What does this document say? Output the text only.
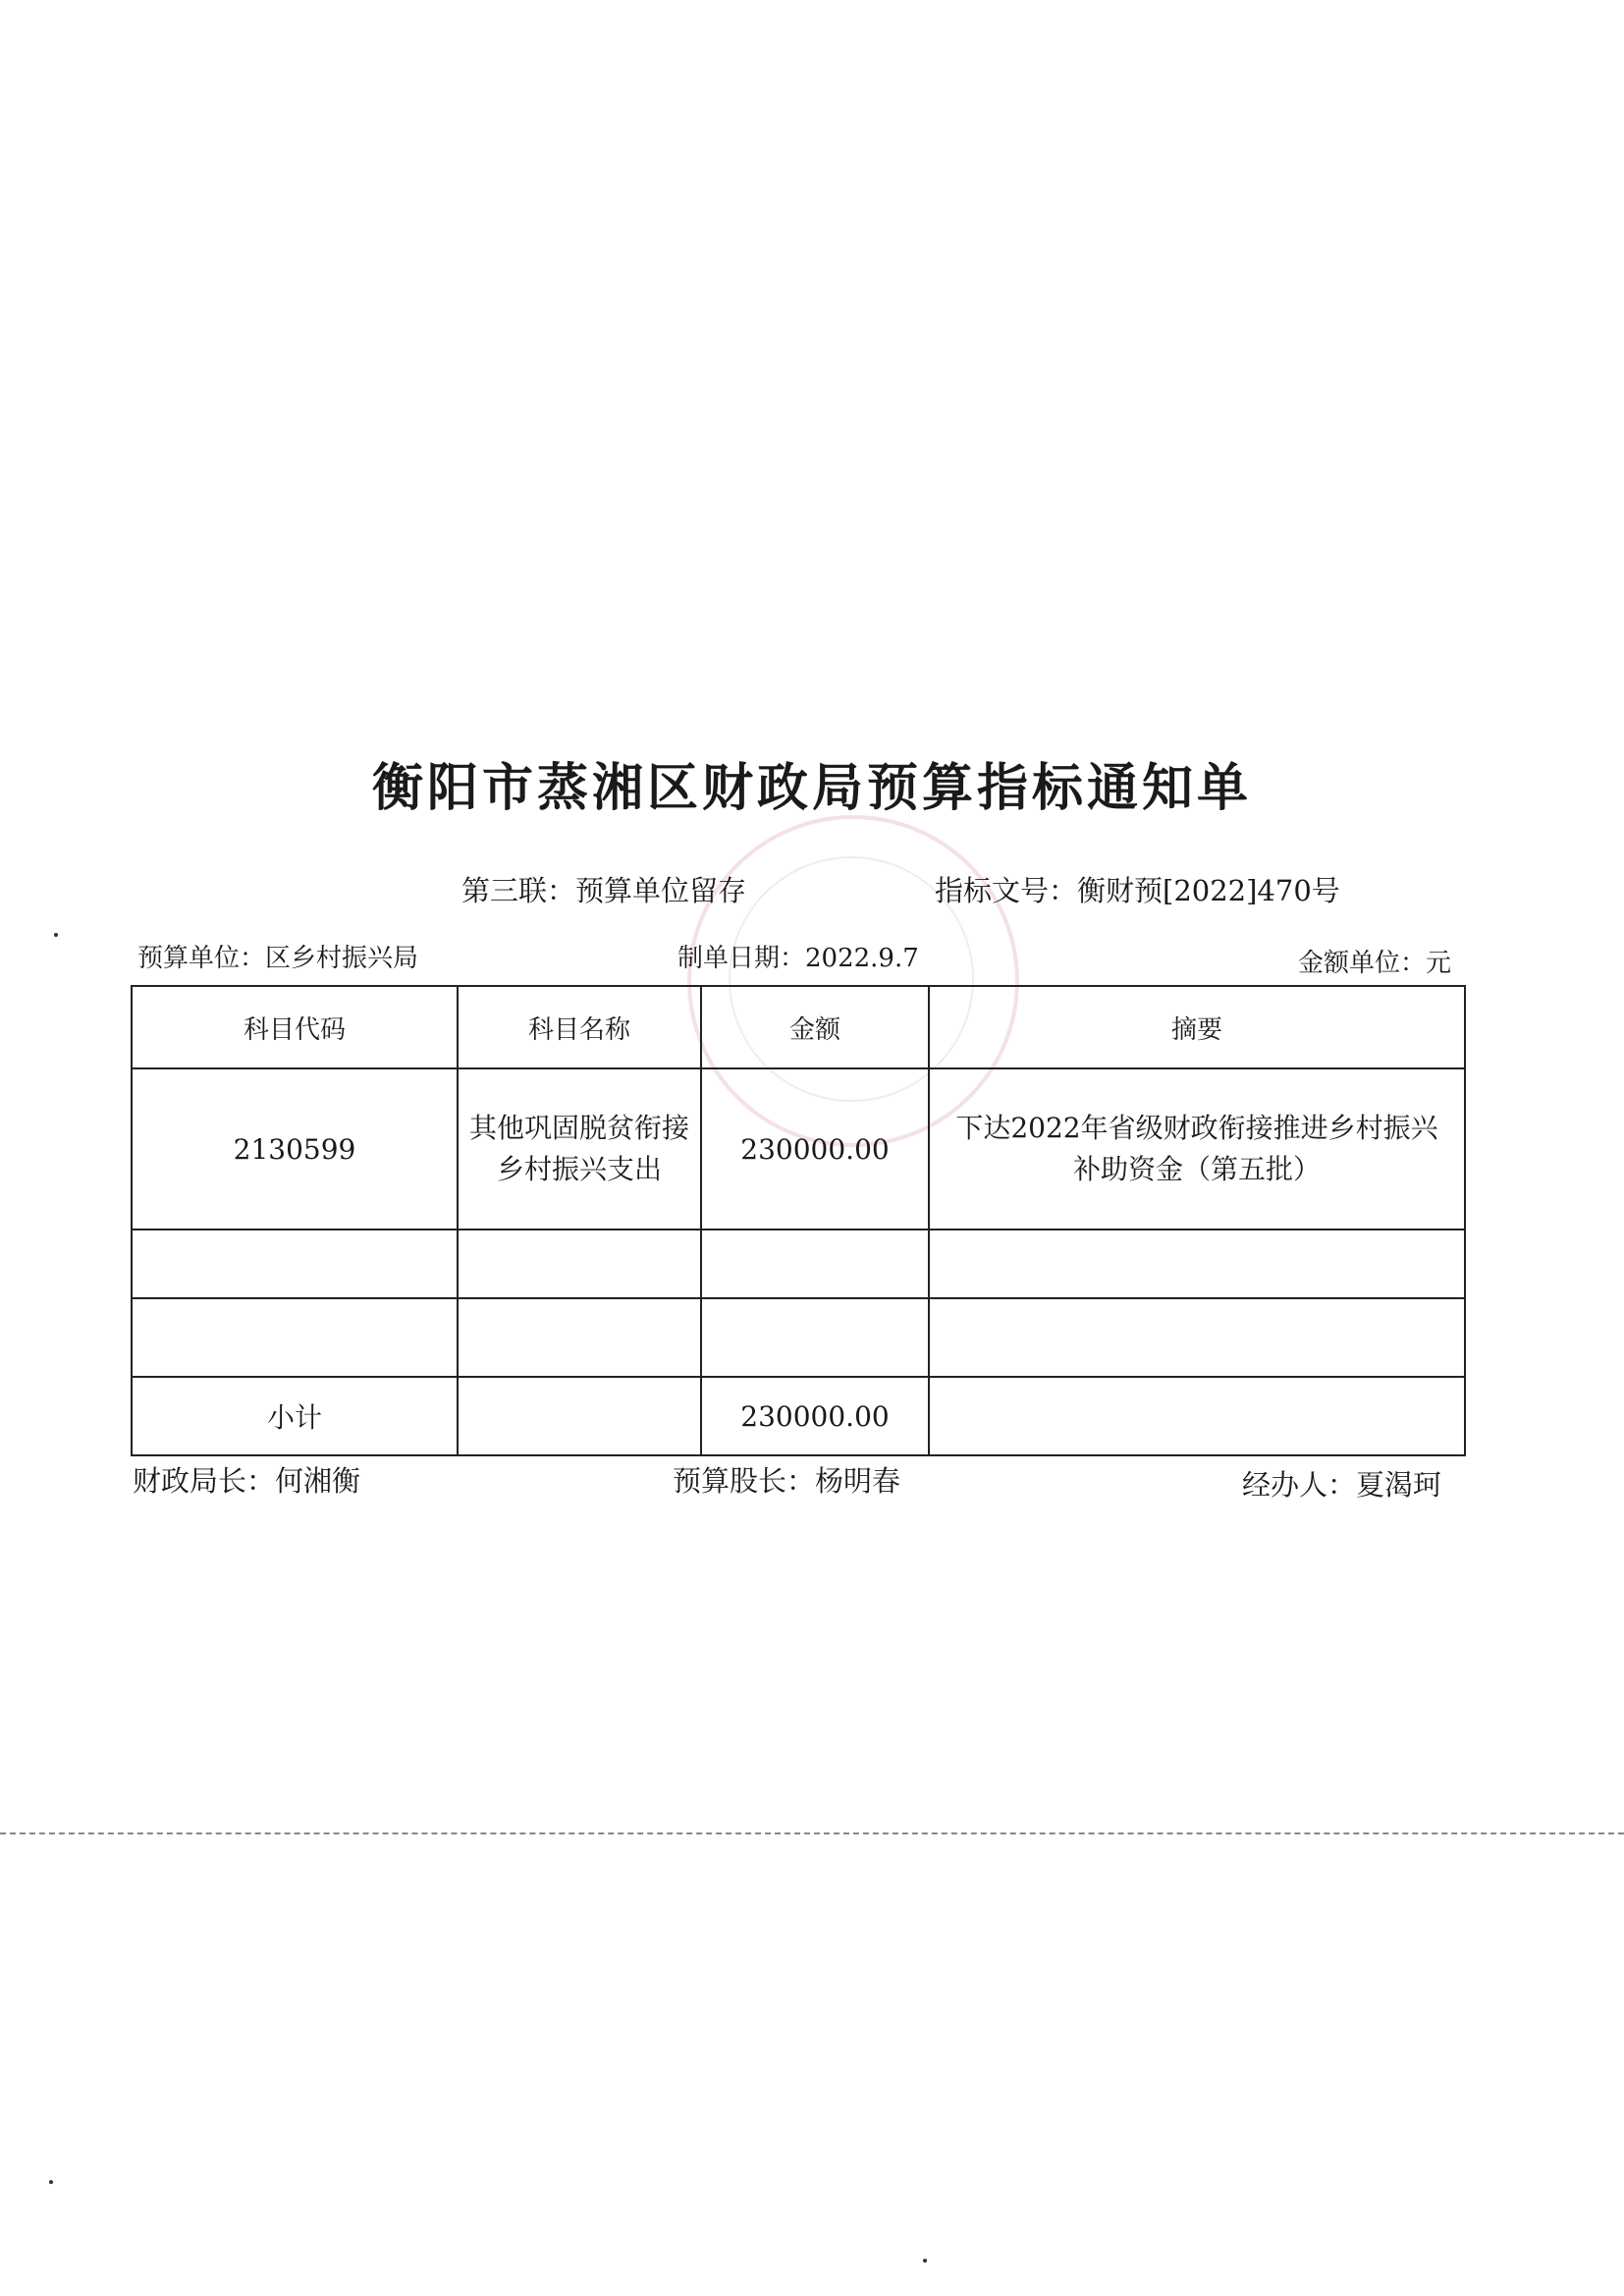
衡阳市蒸湘区财政局预算指标通知单
第三联：预算单位留存	指标文号：衡财预[2022]470号
预算单位：区乡村振兴局	制单日期：2022.9.7	金额单位：元
科目代码	科目名称	金额	摘要
2130599	其他巩固脱贫衔接乡村振兴支出	230000.00	下达2022年省级财政衔接推进乡村振兴补助资金（第五批）

小计		230000.00	
财政局长：何湘衡	预算股长：杨明春	经办人：夏渴珂
